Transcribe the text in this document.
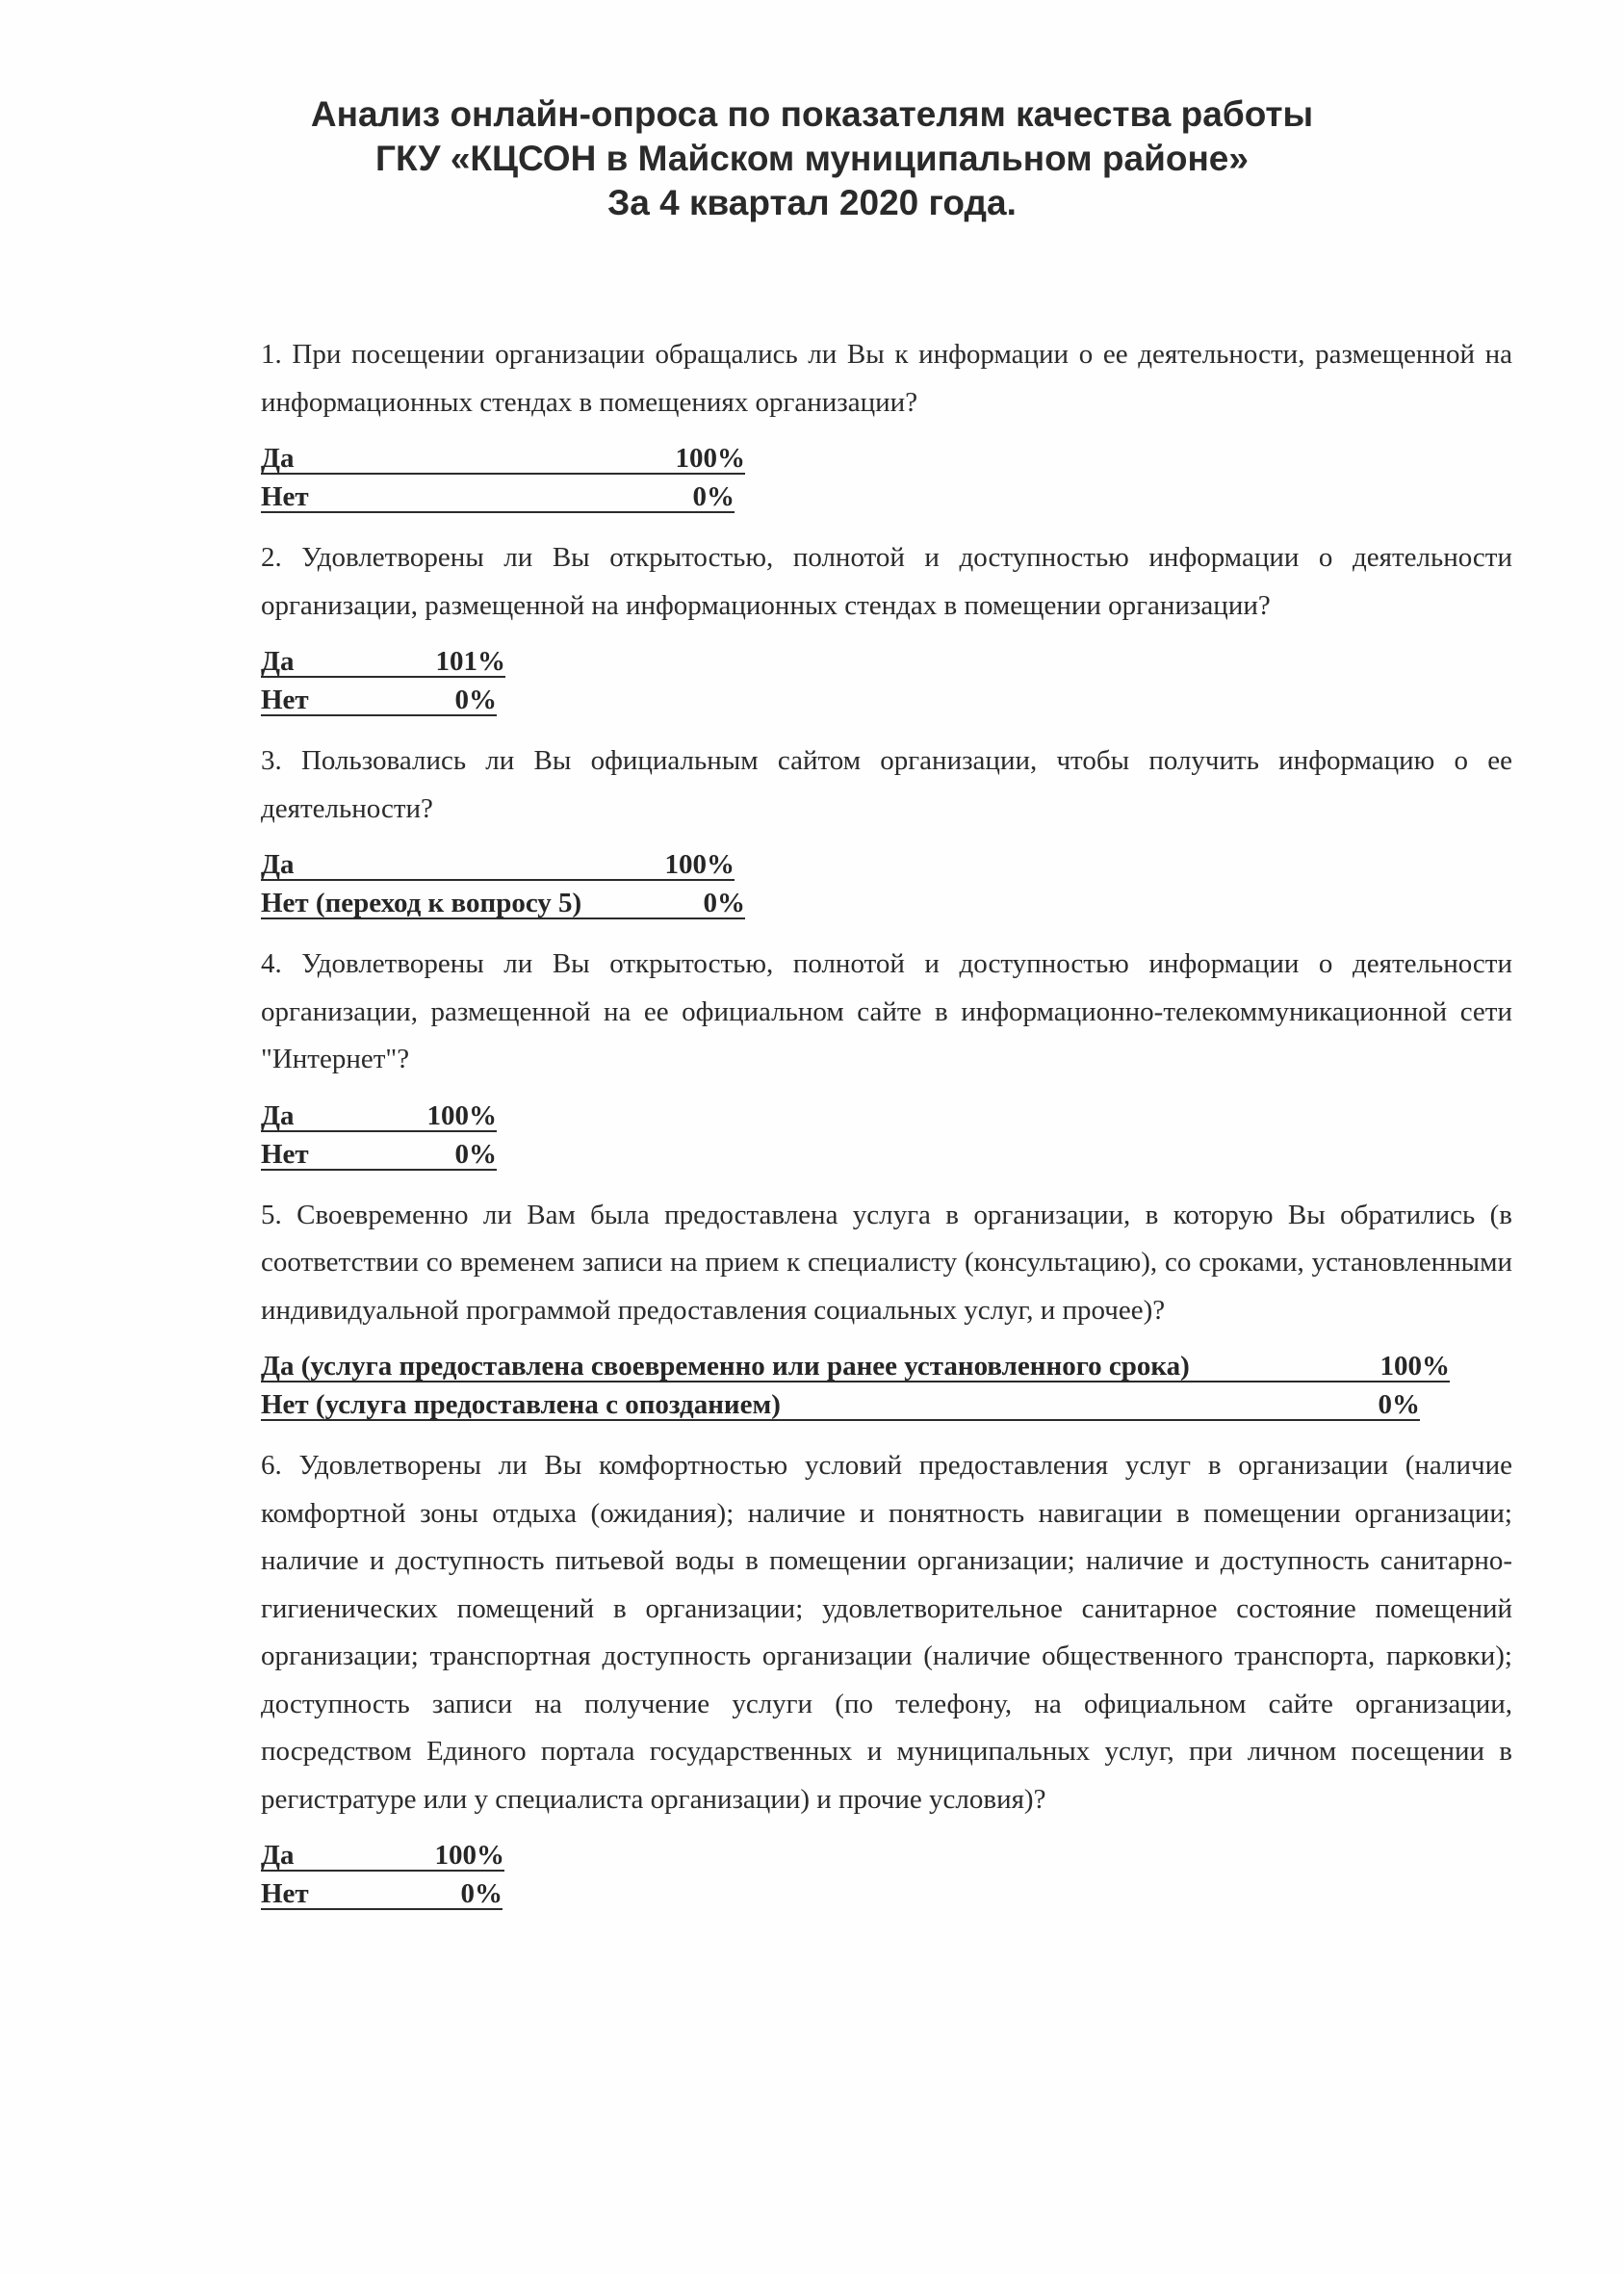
Анализ онлайн-опроса по показателям качества работы
ГКУ «КЦСОН в Майском муниципальном районе»
За 4 квартал 2020 года.

1. При посещении организации обращались ли Вы к информации о ее деятельности, размещенной на информационных стендах в помещениях организации?

Да	100%
Нет	0%

2. Удовлетворены ли Вы открытостью, полнотой и доступностью информации о деятельности организации, размещенной на информационных стендах в помещении организации?

Да	101%
Нет	0%

3. Пользовались ли Вы официальным сайтом организации, чтобы получить информацию о ее деятельности?

Да	100%
Нет (переход к вопросу 5)	0%

4. Удовлетворены ли Вы открытостью, полнотой и доступностью информации о деятельности организации, размещенной на ее официальном сайте в информационно-телекоммуникационной сети "Интернет"?

Да	100%
Нет	0%

5. Своевременно ли Вам была предоставлена услуга в организации, в которую Вы обратились (в соответствии со временем записи на прием к специалисту (консультацию), со сроками, установленными индивидуальной программой предоставления социальных услуг, и прочее)?

Да (услуга предоставлена своевременно или ранее установленного срока)	100%
Нет (услуга предоставлена с опозданием)	0%

6. Удовлетворены ли Вы комфортностью условий предоставления услуг в организации (наличие комфортной зоны отдыха (ожидания); наличие и понятность навигации в помещении организации; наличие и доступность питьевой воды в помещении организации; наличие и доступность санитарно-гигиенических помещений в организации; удовлетворительное санитарное состояние помещений организации; транспортная доступность организации (наличие общественного транспорта, парковки); доступность записи на получение услуги (по телефону, на официальном сайте организации, посредством Единого портала государственных и муниципальных услуг, при личном посещении в регистратуре или у специалиста организации) и прочие условия)?

Да	100%
Нет	0%
